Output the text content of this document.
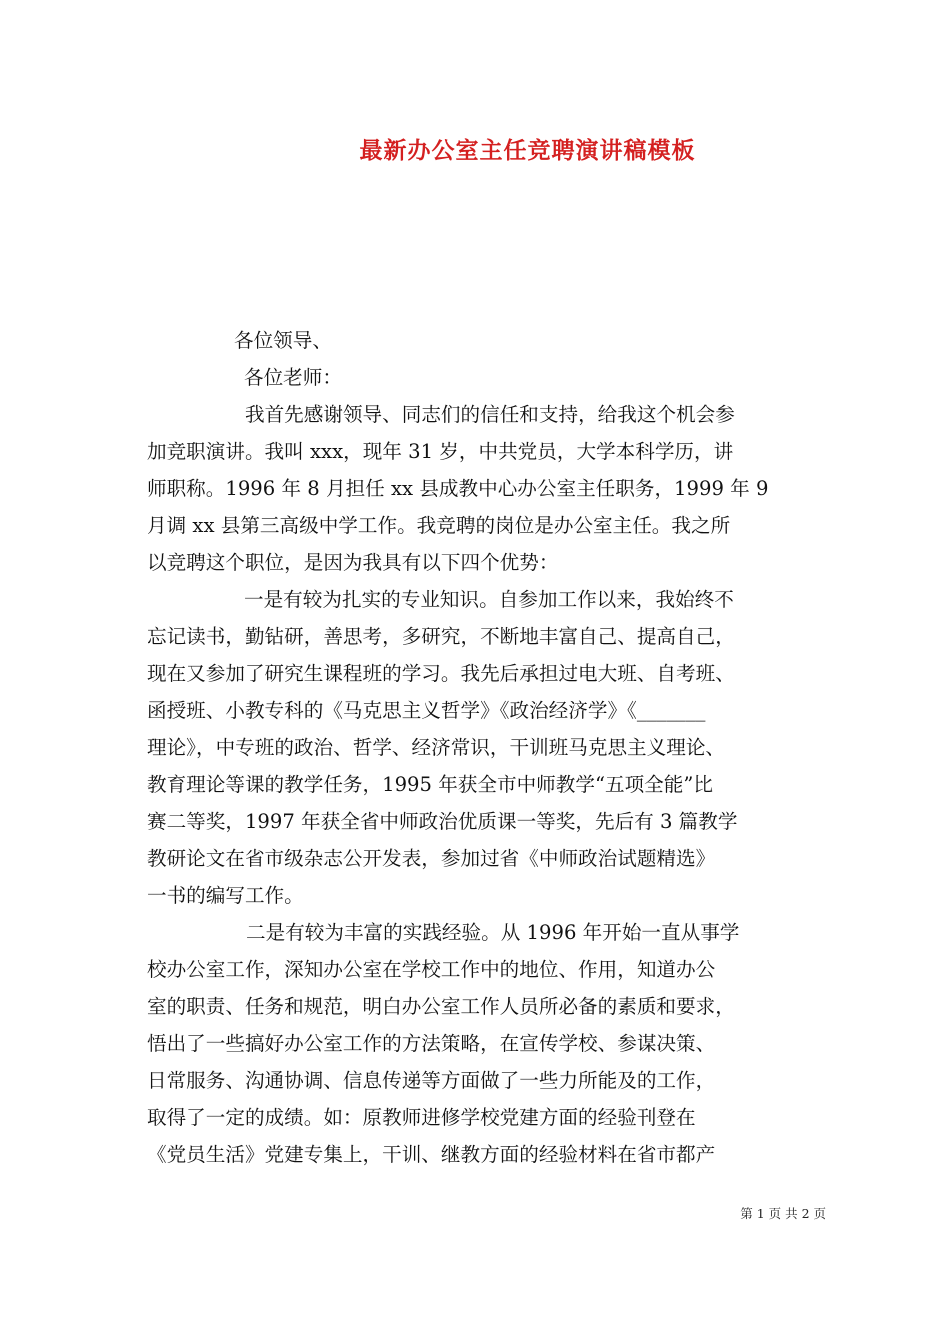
最新办公室主任竞聘演讲稿模板
各位领导、
各位老师：
我首先感谢领导、同志们的信任和支持，给我这个机会参
加竞职演讲。我叫 xxx，现年 31 岁，中共党员，大学本科学历，讲
师职称。1996 年 8 月担任 xx 县成教中心办公室主任职务，1999 年 9
月调 xx 县第三高级中学工作。我竞聘的岗位是办公室主任。我之所
以竞聘这个职位，是因为我具有以下四个优势：
一是有较为扎实的专业知识。自参加工作以来，我始终不
忘记读书，勤钻研，善思考，多研究，不断地丰富自己、提高自己，
现在又参加了研究生课程班的学习。我先后承担过电大班、自考班、
函授班、小教专科的《马克思主义哲学》《政治经济学》《_______
理论》，中专班的政治、哲学、经济常识，干训班马克思主义理论、
教育理论等课的教学任务，1995 年获全市中师教学“五项全能”比
赛二等奖，1997 年获全省中师政治优质课一等奖，先后有 3 篇教学
教研论文在省市级杂志公开发表，参加过省《中师政治试题精选》
一书的编写工作。
二是有较为丰富的实践经验。从 1996 年开始一直从事学
校办公室工作，深知办公室在学校工作中的地位、作用，知道办公
室的职责、任务和规范，明白办公室工作人员所必备的素质和要求，
悟出了一些搞好办公室工作的方法策略，在宣传学校、参谋决策、
日常服务、沟通协调、信息传递等方面做了一些力所能及的工作，
取得了一定的成绩。如：原教师进修学校党建方面的经验刊登在
《党员生活》党建专集上，干训、继教方面的经验材料在省市都产
第 1 页 共 2 页
